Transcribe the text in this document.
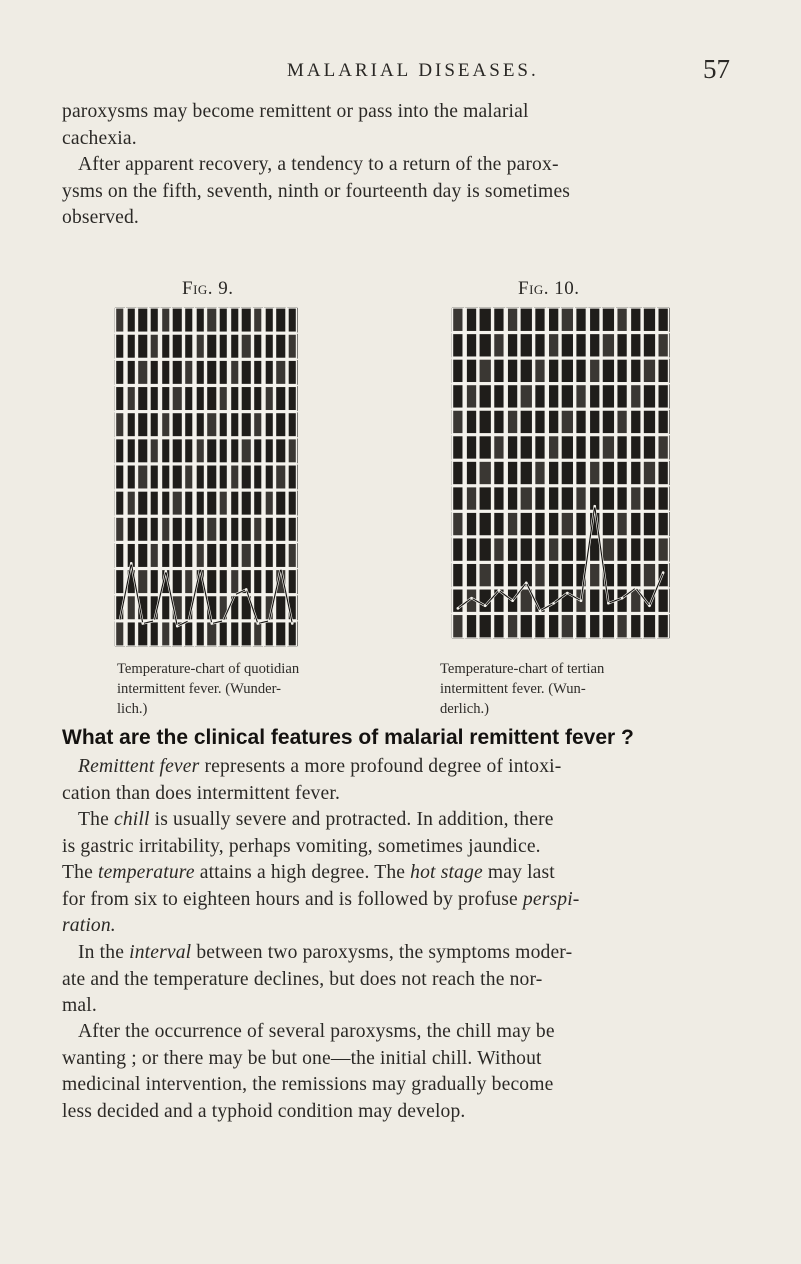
MALARIAL DISEASES.	57

paroxysms may become remittent or pass into the malarial
cachexia.

After apparent recovery, a tendency to a return of the parox-
ysms on the fifth, seventh, ninth or fourteenth day is sometimes
observed.

Fig. 9.	Fig. 10.
Temperature-chart of quotidian
intermittent fever. (Wunder-
lich.)
Temperature-chart of tertian
intermittent fever. (Wun-
derlich.)
What are the clinical features of malarial remittent fever ?

Remittent fever represents a more profound degree of intoxi-
cation than does intermittent fever.

The chill is usually severe and protracted. In addition, there
is gastric irritability, perhaps vomiting, sometimes jaundice.
The temperature attains a high degree. The hot stage may last
for from six to eighteen hours and is followed by profuse perspi-
ration.

In the interval between two paroxysms, the symptoms moder-
ate and the temperature declines, but does not reach the nor-
mal.

After the occurrence of several paroxysms, the chill may be
wanting ; or there may be but one—the initial chill. Without
medicinal intervention, the remissions may gradually become
less decided and a typhoid condition may develop.
